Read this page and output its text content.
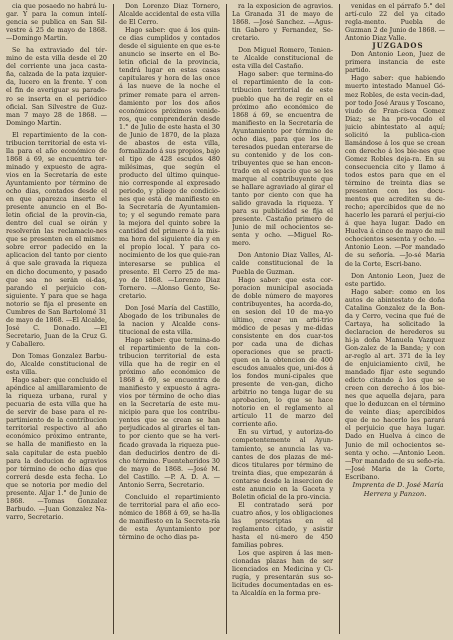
cia que posaedo no habrá lu-gar. Y para la comun intelí-gencia se publica en San Sil-vestre á 25 de mayo de 1868. —Domingo Martin.

Se ha extraviado del tér-mino de esta villa desde el 20 del corriente una jaca casta-ña, calzada de la pata izquier-da, lucero en la frente. Y con el fin de averiguar su parade-ro se inserta en el periódico oficial. San Silvestre de Guz-man 7 mayo 28 de 1868. —Domingo Martin.

El repartimiento de la con-tribucion territorial de esta vi-lla para el año económico de 1868 á 69, se encuentra ter-minado y expuesto de agra-vios en la Secretaría de este Ayuntamiento por término de ocho dias, contados desde el en que aparezca inserto el presente anuncio en el Bo-letin oficial de la provin-cia, dentro del cual se oirán y resolverán las reclamacio-nes que se presenten en el mismo: sobre error padecido en la aplicacion del tanto por ciento á que sale gravada la riqueza en dicho documento, y pasado que sea no serán oi-das, parando el perjuicio con-siguiente. Y para que se haga notorio se fija el presente en Cumbres de San Bartolomé 31 de mayo de 1868. —El Alcalde, José C. Donado. —El Secretario, Juan de la Cruz G. y Caballero.

Don Tomas Gonzalez Barbu-do, Alcalde constitucional de esta villa.

Hago saber: que concluido el apéndice al amillaramiento de la riqueza urbana, rural y pecuaria de esta villa que ha de servir de base para el re-partimiento de la contribucion territorial respectivo al año económico próximo entrante, se halla de manifiesto en la sala capitular de esta pueblo para la deducion de agravios por término de ocho dias que correrá desde esta fecha. Lo que se notoria por medio del presente. Aljar 1.° de Junio de 1868. —Tomas Gonzalez Barbudo. —Juan Gonzalez Na-varro, Secretario.

Don Lorenzo Diaz Tornero, Alcalde accidental de esta villa de El Cerro.

Hago saber: que á los quin-ce dias cumplidos y contados desde el siguiente en que es-te anuncio se inserte en el Bo-letin oficial de la provincia, tendrá lugar en estas casas capitulares y hora de las once á las nueve de la noche el primer remate para el arren-damiento por los dos años económicos próximos venide-ros, que comprenderán desde 1.° de Julio de este hasta el 30 de Junio de 1870, de la plaza de abastos de esta villa, formalizado á sus propios, bajo el tipo de 428 escudos 480 milésimas, que según el producto del último quinque-nio corresponde al expresado periodo, y pliego de condicio-nes que está de manifiesto en la Secretaría de Ayuntamien-to; y el segundo remate para la mejora del quinto sobre la cantidad del primero á la mis-ma hora del siguiente dia y en el propio local. Y para co-nocimiento de los que quie-ran interesarse se publica el presente. El Cerro 25 de ma-yo de 1868. —Lorenzo Diaz Tornero. —Alonso Gento, Se-cretario.

Don José María del Castillo, Abogado de los tribunales de la nacion y Alcalde cons-titucional de esta villa.

Hago saber: que termina-do el repartimiento de la con-tribucion territorial de esta villa que ha de regir en el próximo año económico de 1868 á 69, se encuentra de manifiesto y expuesto á agra-vios por término de ocho dias en la Secretaría de este mu-nicipio para que los contribu-yentes que se crean se han perjudicados al girarles el tan-to por ciento que se ha veri-ficado gravada la riqueza pue-dan deducirlos dentro de di-cho término. Fuenteheridos 30 de mayo de 1868. —José M. del Castillo. —P. A. D. A. —Antonio Serra, Secretario.

Concluido el repartimiento de territorial para el año eco-nómico de 1868 á 69, se ha-lla de manifiesto en la Secreta-ría de esta Ayuntamiento por término de ocho dias pa-

ra la exposicion de agravios. La Granada 31 de mayo de 1868. —José Sanchez. —Agus-tin Gabero y Fernandez, Se-cretario.

Don Miguel Romero, Tenien-te Alcalde constitucional de esta villa del Castaño.

Hago saber: que termina-do el repartimiento de la con-tribucion territorial de este pueblo que ha de regir en el próximo año económico de 1868 á 69, se encuentra de manifiesto en la Secretaría de Ayuntamiento por término de ocho dias, para que los in-teresados puedan enterarse de su contenido y de los con-tribuyentes que se han encon-trado en el espacio que se les marque al contribuyente que se hallare agraviado al girar el tanto por ciento con que ha salido gravada la riqueza. Y para su publicidad se fija el presente. Castaño primero de Junio de mil ochocientos se-senta y ocho. —Miguel Ro-mero.

Don Antonio Diaz Valles, Al-calde constitucional de la Puebla de Guzman.

Hago saber: que esta cor-poracion municipal asociada de doble número de mayores contribuyentes, ha acorda-do, en sesion del 10 de ma-yo último, crear un arbi-trio módico de pesas y me-didas consistente en dos cuar-tos por cada una de dichas operaciones que se practi-quen en la obtencion de 400 escudos anuales que, uni-dos á los fondos muni-cipales que presente de ven-gan, dicho arbitrio no tenga lugar de su aprobacion, lo que se hace notorio en el reglamento al artículo 11 de marzo del corriente año.

En su virtud, y autoriza-do competentemente al Ayun-tamiento, se anuncia las va-cantes de dos plazas de mé-dicos titulares por término de treinta dias, que empezarán á contarse desde la insercion de este anuncio en la Gaceta y Boletin oficial de la pro-vincia.

El contratado será por cuatro años, y los obligaciones las prescriptas en el reglamento citado, y asistir hasta el nú-mero de 450 familias pobres.

Los que aspiren á las men-cionadas plazas han de ser licenciados en Medicina y Ci-rugía, y presentarán sus so-licitudes documentadas en es-ta Alcaldía en la forma pre-

venidas en el párrafo 5.° del artí-culo 22 del ya citado regla-mento. Puebla de Guzman 2 de Junio de 1868. —Antonio Diaz Valle.

JUZGADOS

Don Antonio Leon, Juez de primera instancia de este partido.

Hago saber: que habiendo muerto intestado Manuel Gó-mez Robles, de esta vecin-dad, por todo José Araus y Toscano, viudo de Fran-cisca Gomez Diaz; se ha pro-vocado el juicio abintestato al aquí; solicitó la publica-cion llamándose á los que se crean con derecho á los bie-nes que Gomez Robles deja-ra. En su consecuencia cito y llamo á todos estos para que en el término de treinta dias se presenten con los docu-mentos que acrediten su de-recho; apercibidos que de no hacerlo les parará el perjui-cio á que haya lugar. Dado en Huelva á cinco de mayo de mil ochocientos sesenta y ocho. —Antonio Leon. —Por mandado de su señoría. —Jo-sé Maria de la Corte, Escri-bano.

Don Antonio Leon, Juez de este partido.

Hago saber: como en los autos de abintestato de doña Catalina Gonzalez de la Bon-da y Cerro, vecina que fué de Cartaya, ha solicitado la declaracion de herederos su hi-ja doña Manuela Vazquez Gon-zalez de la Banda; y con ar-reglo al art. 371 de la ley de enjuiciamiento civil, he mandado fijar este segundo edicto citando á los que se creen con derecho á los bie-nes que aquella dejara, para que lo deduzcan en el término de veinte dias; apercibidos que de no hacerlo les parará el perjuicio que haya lugar. Dado en Huelva á cinco de Junio de mil ochocientos se-senta y ocho. —Antonio Leon. —Por mandado de su seño-ría. —José Maria de la Corte, Escribano.

Imprenta de D. José María Herrera y Panzon.
